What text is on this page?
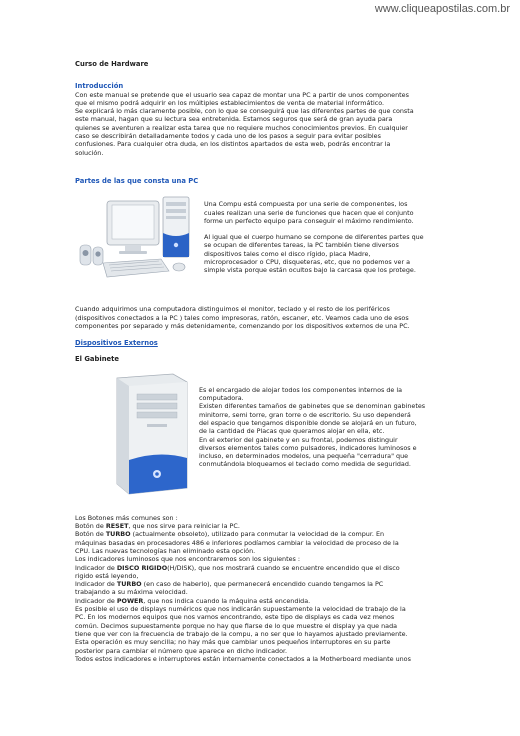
www.cliqueapostilas.com.br

Curso de Hardware

Introducción

Con este manual se pretende que el usuario sea capaz de montar una PC a partir de unos componentes

que el mismo podrá adquirir en los múltiples establecimientos de venta de material informático.

Se explicará lo más claramente posible, con lo que se conseguirá que las diferentes partes de que consta

este manual, hagan que su lectura sea entretenida. Estamos seguros que será de gran ayuda para

quienes se aventuren a realizar esta tarea que no requiere muchos conocimientos previos. En cualquier

caso se describirán detalladamente todos y cada uno de los pasos a seguir para evitar posibles

confusiones. Para cualquier otra duda, en los distintos apartados de esta web, podrás encontrar la

solución.

Partes de las que consta una PC

Una Compu está compuesta por una serie de componentes, los

cuales realizan una serie de funciones que hacen que el conjunto

forme un perfecto equipo para conseguir el máximo rendimiento.

Al igual que el cuerpo humano se compone de diferentes partes que

se ocupan de diferentes tareas, la PC también tiene diversos

dispositivos tales como el disco rígido, placa Madre,

microprocesador o CPU, disqueteras, etc, que no podemos ver a

simple vista porque están ocultos bajo la carcasa que los protege.

Cuando adquirimos una computadora distinguimos el monitor, teclado y el resto de los periféricos

(dispositivos conectados a la PC ) tales como impresoras, ratón, escaner, etc. Veamos cada uno de esos

componentes por separado y más detenidamente, comenzando por los dispositivos externos de una PC.

Dispositivos Externos

El Gabinete

Es el encargado de alojar todos los componentes internos de la

computadora.

Existen diferentes tamaños de gabinetes que se denominan gabinetes

minitorre, semi torre, gran torre o de escritorio. Su uso dependerá

del espacio que tengamos disponible donde se alojará en un futuro,

de la cantidad de Placas que queramos alojar en ella, etc.

En el exterior del gabinete y en su frontal, podemos distinguir

diversos elementos tales como pulsadores, indicadores luminosos e

incluso, en determinados modelos, una pequeña "cerradura" que

conmutándola bloqueamos el teclado como medida de seguridad.

Los Botones más comunes son :

Botón de RESET, que nos sirve para reiniciar la PC.

Botón de TURBO (actualmente obsoleto), utilizado para conmutar la velocidad de la compur. En

máquinas basadas en procesadores 486 e inferiores podíamos cambiar la velocidad de proceso de la

CPU. Las nuevas tecnologías han eliminado esta opción.

Los indicadores luminosos que nos encontraremos son los siguientes :

Indicador de DISCO RIGIDO(H/DISK), que nos mostrará cuando se encuentre encendido que el disco

rigido está leyendo,

Indicador de TURBO (en caso de haberlo), que permanecerá encendido cuando tengamos la PC

trabajando a su máxima velocidad.

Indicador de POWER, que nos indica cuando la máquina está encendida.

Es posible el uso de displays numéricos que nos indicarán supuestamente la velocidad de trabajo de la

PC. En los modernos equipos que nos vamos encontrando, este tipo de displays es cada vez menos

común. Decimos supuestamente porque no hay que fiarse de lo que muestre el display ya que nada

tiene que ver con la frecuencia de trabajo de la compu, a no ser que lo hayamos ajustado previamente.

Esta operación es muy sencilla; no hay más que cambiar unos pequeños interruptores en su parte

posterior para cambiar el número que aparece en dicho indicador.

Todos estos indicadores e interruptores están internamente conectados a la Motherboard mediante unos
